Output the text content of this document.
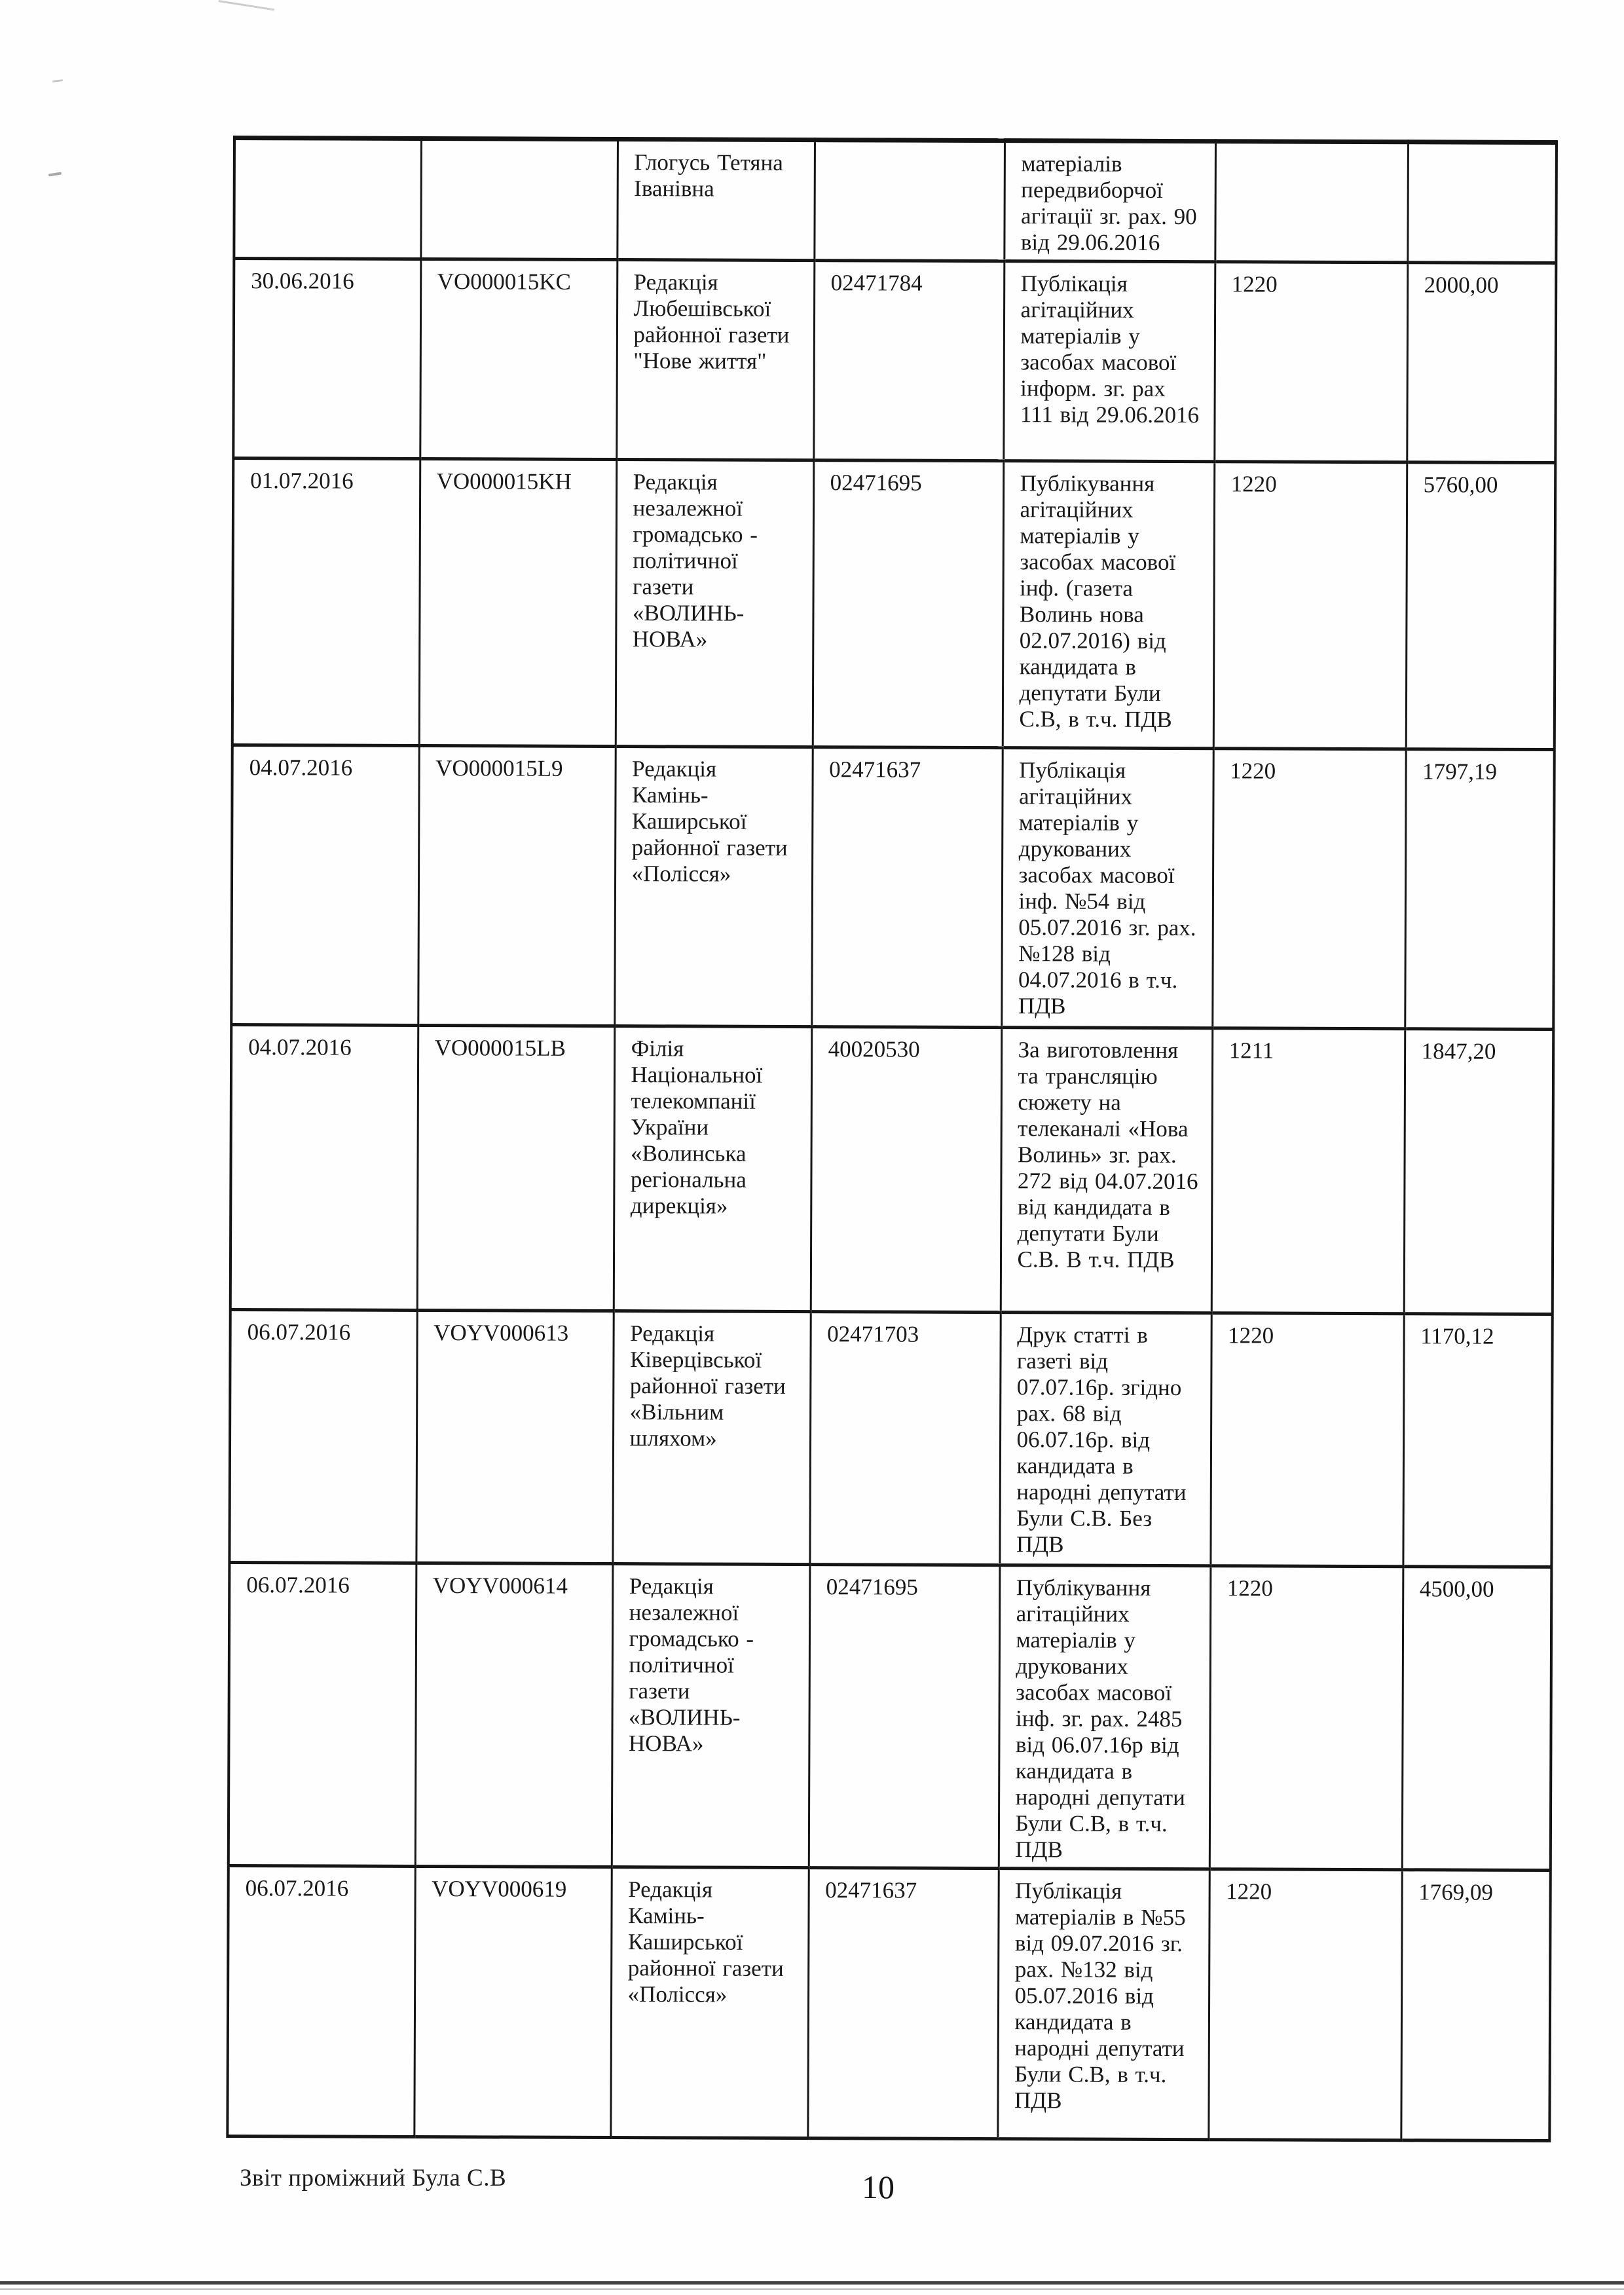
		Глогусь Тетяна Іванівна		матеріалів передвиборчої агітації зг. рах. 90 від 29.06.2016		
30.06.2016	VO000015KC	Редакція Любешівської районної газети "Нове життя"	02471784	Публікація агітаційних матеріалів у засобах масової інформ. зг. рах 111 від 29.06.2016	1220	2000,00
01.07.2016	VO000015KH	Редакція незалежної громадсько - політичної газети «ВОЛИНЬ-НОВА»	02471695	Публікування агітаційних матеріалів у засобах масової інф. (газета Волинь нова 02.07.2016) від кандидата в депутати Були С.В, в т.ч. ПДВ	1220	5760,00
04.07.2016	VO000015L9	Редакція Камінь-Каширської районної газети «Полісся»	02471637	Публікація агітаційних матеріалів у друкованих засобах масової інф. №54 від 05.07.2016 зг. рах. №128 від 04.07.2016 в т.ч. ПДВ	1220	1797,19
04.07.2016	VO000015LB	Філія Національної телекомпанії України «Волинська регіональна дирекція»	40020530	За виготовлення та трансляцію сюжету на телеканалі «Нова Волинь» зг. рах. 272 від 04.07.2016 від кандидата в депутати Були С.В. В т.ч. ПДВ	1211	1847,20
06.07.2016	VOYV000613	Редакція Ківерцівської районної газети «Вільним шляхом»	02471703	Друк статті в газеті від 07.07.16р. згідно рах. 68 від 06.07.16р. від кандидата в народні депутати Були С.В. Без ПДВ	1220	1170,12
06.07.2016	VOYV000614	Редакція незалежної громадсько - політичної газети «ВОЛИНЬ-НОВА»	02471695	Публікування агітаційних матеріалів у друкованих засобах масової інф. зг. рах. 2485 від 06.07.16р від кандидата в народні депутати Були С.В, в т.ч. ПДВ	1220	4500,00
06.07.2016	VOYV000619	Редакція Камінь-Каширської районної газети «Полісся»	02471637	Публікація матеріалів в №55 від 09.07.2016 зг. рах. №132 від 05.07.2016 від кандидата в народні депутати Були С.В, в т.ч. ПДВ	1220	1769,09
Звіт проміжний Була С.В	10
